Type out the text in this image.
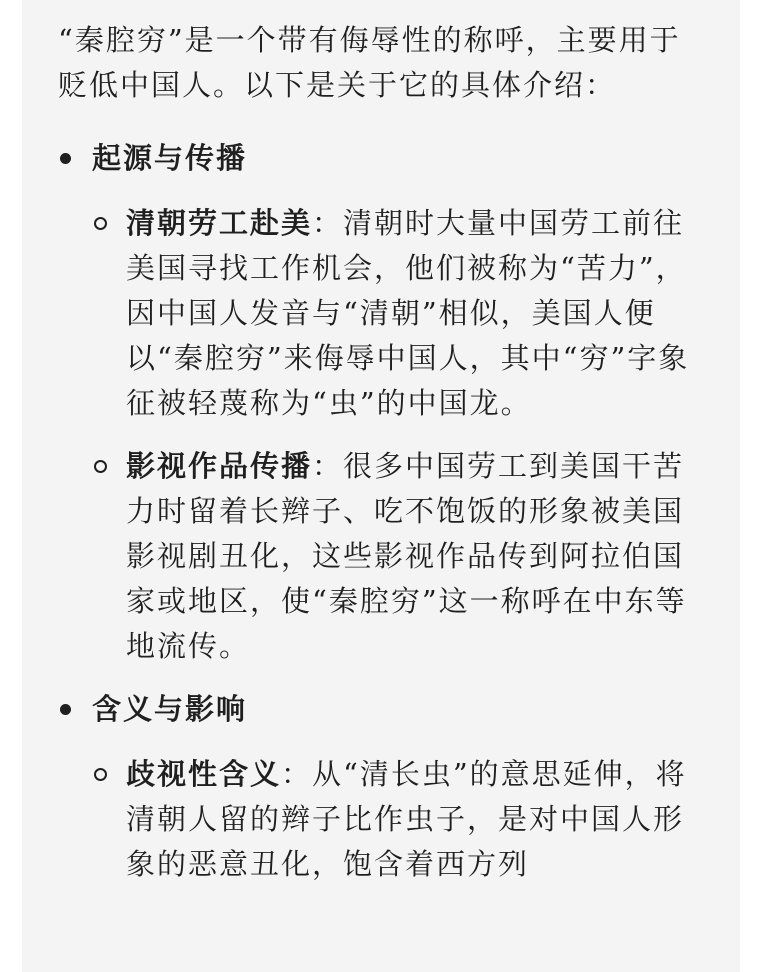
“秦腔穷”是一个带有侮辱性的称呼，主要用于贬低中国人。以下是关于它的具体介绍：

起源与传播
清朝劳工赴美：清朝时大量中国劳工前往美国寻找工作机会，他们被称为“苦力”，因中国人发音与“清朝”相似，美国人便以“秦腔穷”来侮辱中国人，其中“穷”字象征被轻蔑称为“虫”的中国龙。
影视作品传播：很多中国劳工到美国干苦力时留着长辫子、吃不饱饭的形象被美国影视剧丑化，这些影视作品传到阿拉伯国家或地区，使“秦腔穷”这一称呼在中东等地流传。
含义与影响
歧视性含义：从“清长虫”的意思延伸，将清朝人留的辫子比作虫子，是对中国人形象的恶意丑化，饱含着西方列
